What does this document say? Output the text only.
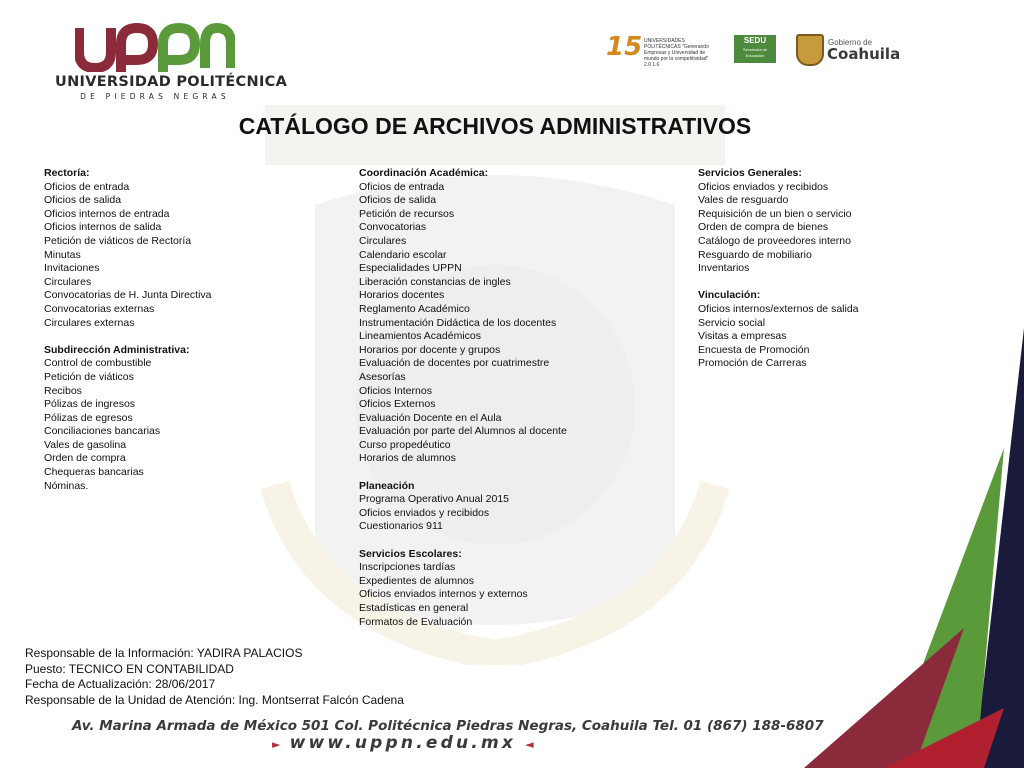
UNIVERSIDAD POLITÉCNICA
DE PIEDRAS NEGRAS
15 UNIVERSIDADES POLITÉCNICAS "Generando Empresas y Universidad de mundo por la competitividad" 2.0 1.6
SEDU
Secretaría de Educación
Gobierno de
Coahuila
CATÁLOGO DE ARCHIVOS ADMINISTRATIVOS
Rectoría:
Oficios de entrada
Oficios de salida
Oficios internos de entrada
Oficios internos de salida
Petición de viáticos de Rectoría
Minutas
Invitaciones
Circulares
Convocatorias de H. Junta Directiva
Convocatorias externas
Circulares externas
Subdirección Administrativa:
Control de combustible
Petición de viáticos
Recibos
Pólizas de ingresos
Pólizas de egresos
Conciliaciones bancarias
Vales de gasolina
Orden de compra
Chequeras bancarias
Nóminas.
Coordinación Académica:
Oficios de entrada
Oficios de salida
Petición de recursos
Convocatorias
Circulares
Calendario escolar
Especialidades UPPN
Liberación constancias de ingles
Horarios docentes
Reglamento Académico
Instrumentación Didáctica de los docentes
Lineamientos Académicos
Horarios por docente y grupos
Evaluación de docentes por cuatrimestre
Asesorías
Oficios Internos
Oficios Externos
Evaluación Docente en el Aula
Evaluación por parte del Alumnos al docente
Curso propedéutico
Horarios de alumnos
Planeación
Programa Operativo Anual 2015
Oficios enviados y recibidos
Cuestionarios 911
Servicios Escolares:
Inscripciones tardías
Expedientes de alumnos
Oficios enviados internos y externos
Estadísticas en general
Formatos de Evaluación
Servicios Generales:
Oficios enviados y recibidos
Vales de resguardo
Requisición de un bien o servicio
Orden de compra de bienes
Catálogo de proveedores interno
Resguardo de mobiliario
Inventarios
Vinculación:
Oficios internos/externos de salida
Servicio social
Visitas a empresas
Encuesta de Promoción
Promoción de Carreras
Responsable de la Información: YADIRA PALACIOS
Puesto: TECNICO EN CONTABILIDAD
Fecha de Actualización: 28/06/2017
Responsable de la Unidad de Atención: Ing. Montserrat Falcón Cadena
Av. Marina Armada de México 501 Col. Politécnica Piedras Negras, Coahuila Tel. 01 (867) 188-6807
► www.uppn.edu.mx ◄
